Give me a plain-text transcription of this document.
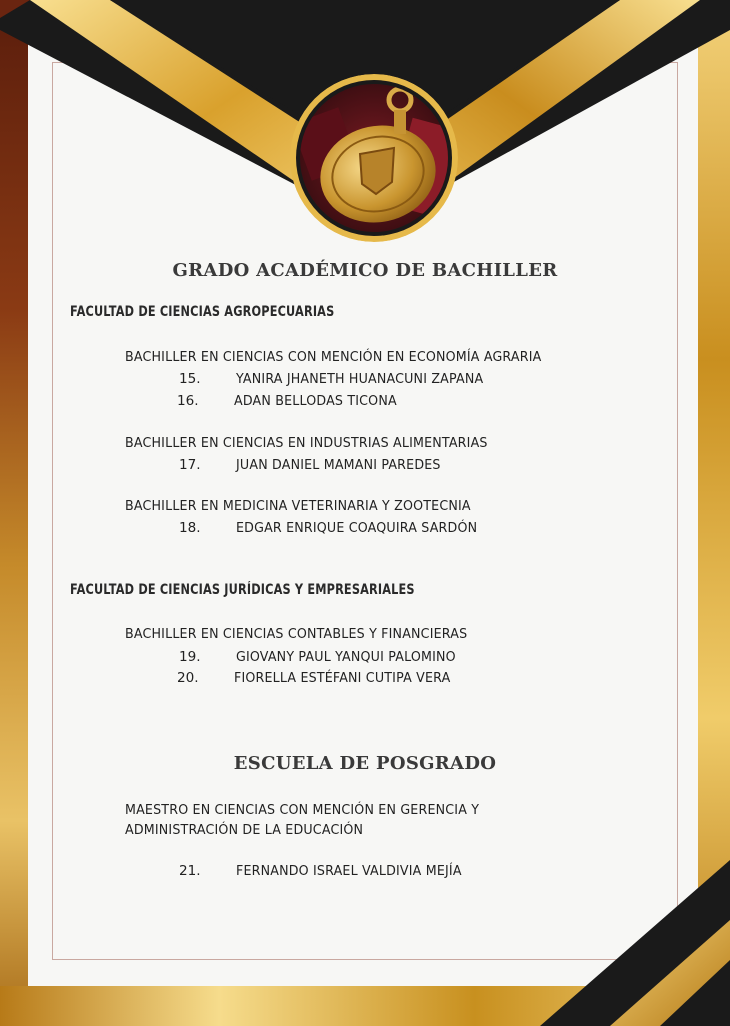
GRADO ACADÉMICO DE BACHILLER
FACULTAD DE CIENCIAS AGROPECUARIAS
BACHILLER EN CIENCIAS CON MENCIÓN EN ECONOMÍA AGRARIA
15.	YANIRA JHANETH HUANACUNI ZAPANA
16.	ADAN BELLODAS TICONA
BACHILLER EN CIENCIAS EN INDUSTRIAS ALIMENTARIAS
17.	JUAN DANIEL MAMANI PAREDES
BACHILLER EN MEDICINA VETERINARIA Y ZOOTECNIA
18.	EDGAR ENRIQUE COAQUIRA SARDÓN
FACULTAD DE CIENCIAS JURÍDICAS Y EMPRESARIALES
BACHILLER EN CIENCIAS CONTABLES Y FINANCIERAS
19.	GIOVANY PAUL YANQUI PALOMINO
20.	FIORELLA ESTÉFANI CUTIPA VERA
ESCUELA DE POSGRADO
MAESTRO EN CIENCIAS CON MENCIÓN EN GERENCIA Y
ADMINISTRACIÓN DE LA EDUCACIÓN
21.	FERNANDO ISRAEL VALDIVIA MEJÍA
